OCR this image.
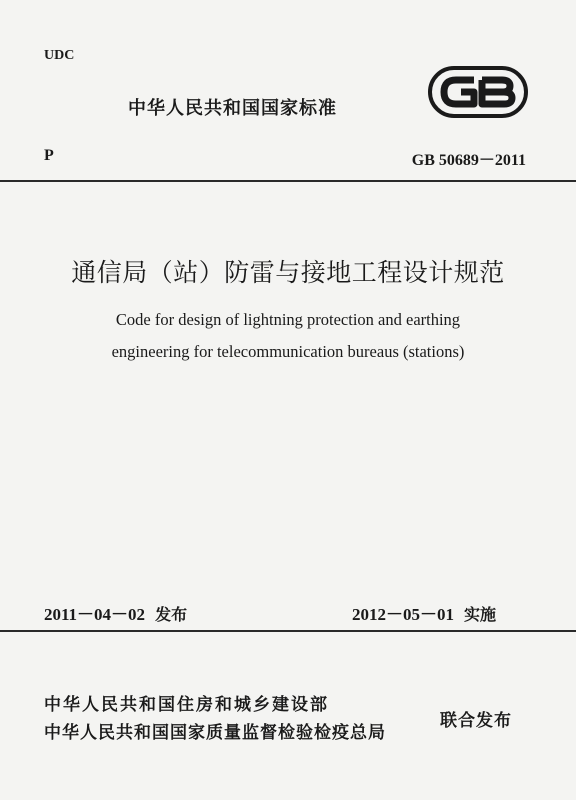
UDC
中华人民共和国国家标准
P	GB 50689－2011
通信局（站）防雷与接地工程设计规范
Code for design of lightning protection and earthing
engineering for telecommunication bureaus (stations)
2011－04－02 发布	2012－05－01 实施
中华人民共和国住房和城乡建设部
中华人民共和国国家质量监督检验检疫总局
联合发布
